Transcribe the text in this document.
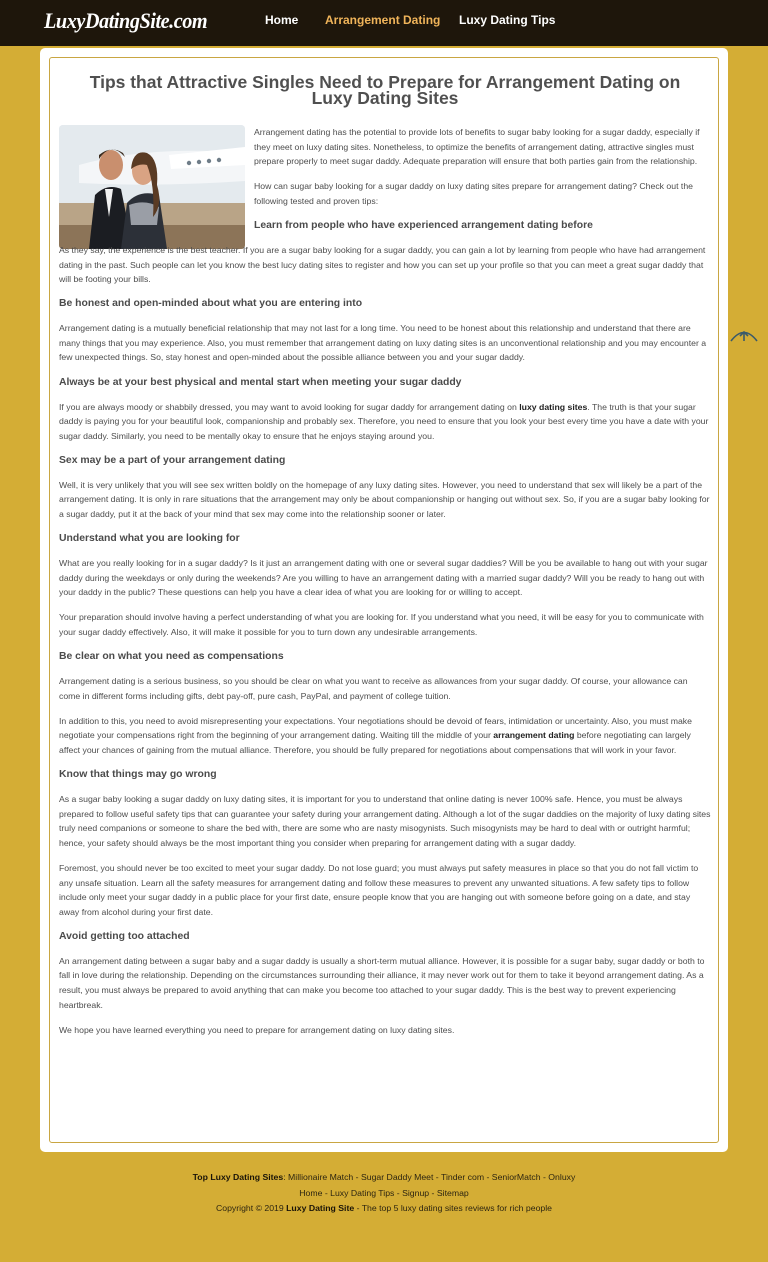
LuxyDatingSite.com	Home Arrangement Dating Luxy Dating Tips
Tips that Attractive Singles Need to Prepare for Arrangement Dating on Luxy Dating Sites

Arrangement dating has the potential to provide lots of benefits to sugar baby looking for a sugar daddy, especially if they meet on luxy dating sites. Nonetheless, to optimize the benefits of arrangement dating, attractive singles must prepare properly to meet sugar daddy. Adequate preparation will ensure that both parties gain from the relationship.

How can sugar baby looking for a sugar daddy on luxy dating sites prepare for arrangement dating? Check out the following tested and proven tips:

Learn from people who have experienced arrangement dating before

As they say, the experience is the best teacher. If you are a sugar baby looking for a sugar daddy, you can gain a lot by learning from people who have had arrangement dating in the past. Such people can let you know the best lucy dating sites to register and how you can set up your profile so that you can meet a great sugar daddy that will be footing your bills.

Be honest and open-minded about what you are entering into

Arrangement dating is a mutually beneficial relationship that may not last for a long time. You need to be honest about this relationship and understand that there are many things that you may experience. Also, you must remember that arrangement dating on luxy dating sites is an unconventional relationship and you may encounter a few unexpected things. So, stay honest and open-minded about the possible alliance between you and your sugar daddy.

Always be at your best physical and mental start when meeting your sugar daddy

If you are always moody or shabbily dressed, you may want to avoid looking for sugar daddy for arrangement dating on luxy dating sites. The truth is that your sugar daddy is paying you for your beautiful look, companionship and probably sex. Therefore, you need to ensure that you look your best every time you have a date with your sugar daddy. Similarly, you need to be mentally okay to ensure that he enjoys staying around you.

Sex may be a part of your arrangement dating

Well, it is very unlikely that you will see sex written boldly on the homepage of any luxy dating sites. However, you need to understand that sex will likely be a part of the arrangement dating. It is only in rare situations that the arrangement may only be about companionship or hanging out without sex. So, if you are a sugar baby looking for a sugar daddy, put it at the back of your mind that sex may come into the relationship sooner or later.

Understand what you are looking for

What are you really looking for in a sugar daddy? Is it just an arrangement dating with one or several sugar daddies? Will be you be available to hang out with your sugar daddy during the weekdays or only during the weekends? Are you willing to have an arrangement dating with a married sugar daddy? Will you be ready to hang out with your daddy in the public? These questions can help you have a clear idea of what you are looking for or willing to accept.

Your preparation should involve having a perfect understanding of what you are looking for. If you understand what you need, it will be easy for you to communicate with your sugar daddy effectively. Also, it will make it possible for you to turn down any undesirable arrangements.

Be clear on what you need as compensations

Arrangement dating is a serious business, so you should be clear on what you want to receive as allowances from your sugar daddy. Of course, your allowance can come in different forms including gifts, debt pay-off, pure cash, PayPal, and payment of college tuition.

In addition to this, you need to avoid misrepresenting your expectations. Your negotiations should be devoid of fears, intimidation or uncertainty. Also, you must make negotiate your compensations right from the beginning of your arrangement dating. Waiting till the middle of your arrangement dating before negotiating can largely affect your chances of gaining from the mutual alliance. Therefore, you should be fully prepared for negotiations about compensations that will work in your favor.

Know that things may go wrong

As a sugar baby looking a sugar daddy on luxy dating sites, it is important for you to understand that online dating is never 100% safe. Hence, you must be always prepared to follow useful safety tips that can guarantee your safety during your arrangement dating. Although a lot of the sugar daddies on the majority of luxy dating sites truly need companions or someone to share the bed with, there are some who are nasty misogynists. Such misogynists may be hard to deal with or outright harmful; hence, your safety should always be the most important thing you consider when preparing for arrangement dating with a sugar daddy.

Foremost, you should never be too excited to meet your sugar daddy. Do not lose guard; you must always put safety measures in place so that you do not fall victim to any unsafe situation. Learn all the safety measures for arrangement dating and follow these measures to prevent any unwanted situations. A few safety tips to follow include only meet your sugar daddy in a public place for your first date, ensure people know that you are hanging out with someone before going on a date, and stay away from alcohol during your first date.

Avoid getting too attached

An arrangement dating between a sugar baby and a sugar daddy is usually a short-term mutual alliance. However, it is possible for a sugar baby, sugar daddy or both to fall in love during the relationship. Depending on the circumstances surrounding their alliance, it may never work out for them to take it beyond arrangement dating. As a result, you must always be prepared to avoid anything that can make you become too attached to your sugar daddy. This is the best way to prevent experiencing heartbreak.

We hope you have learned everything you need to prepare for arrangement dating on luxy dating sites.

Top Luxy Dating Sites: Millionaire Match - Sugar Daddy Meet - Tinder com - SeniorMatch - Onluxy
Home - Luxy Dating Tips - Signup - Sitemap
Copyright © 2019 Luxy Dating Site - The top 5 luxy dating sites reviews for rich people
